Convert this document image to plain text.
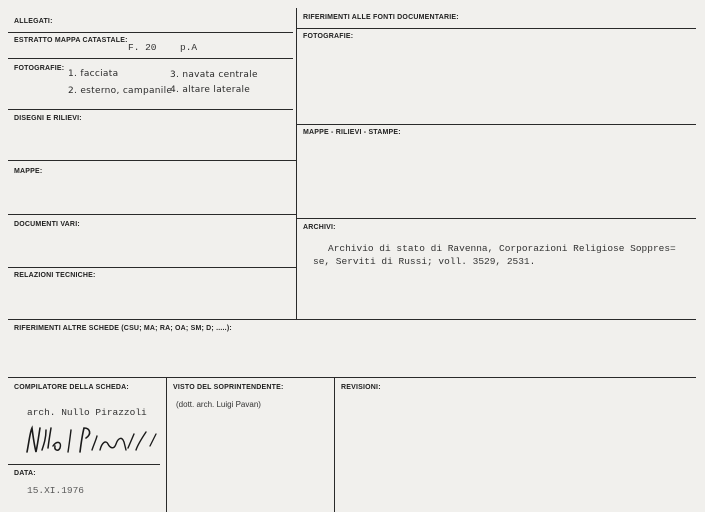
ALLEGATI:
ESTRATTO MAPPA CATASTALE:
F. 20 p.A
FOTOGRAFIE:
1. facciata
2. esterno, campanile
3. navata centrale
4. altare laterale
DISEGNI E RILIEVI:
MAPPE:
DOCUMENTI VARI:
RELAZIONI TECNICHE:
RIFERIMENTI ALLE FONTI DOCUMENTARIE:
FOTOGRAFIE:
MAPPE - RILIEVI - STAMPE:
ARCHIVI:
Archivio di stato di Ravenna, Corporazioni Religiose Soppres=
se, Serviti di Russi; voll. 3529, 2531.
RIFERIMENTI ALTRE SCHEDE (CSU; MA; RA; OA; SM; D; .....):
COMPILATORE DELLA SCHEDA:
arch. Nullo Pirazzoli
VISTO DEL SOPRINTENDENTE:
(dott. arch. Luigi Pavan)
REVISIONI:
DATA:
15.XI.1976
